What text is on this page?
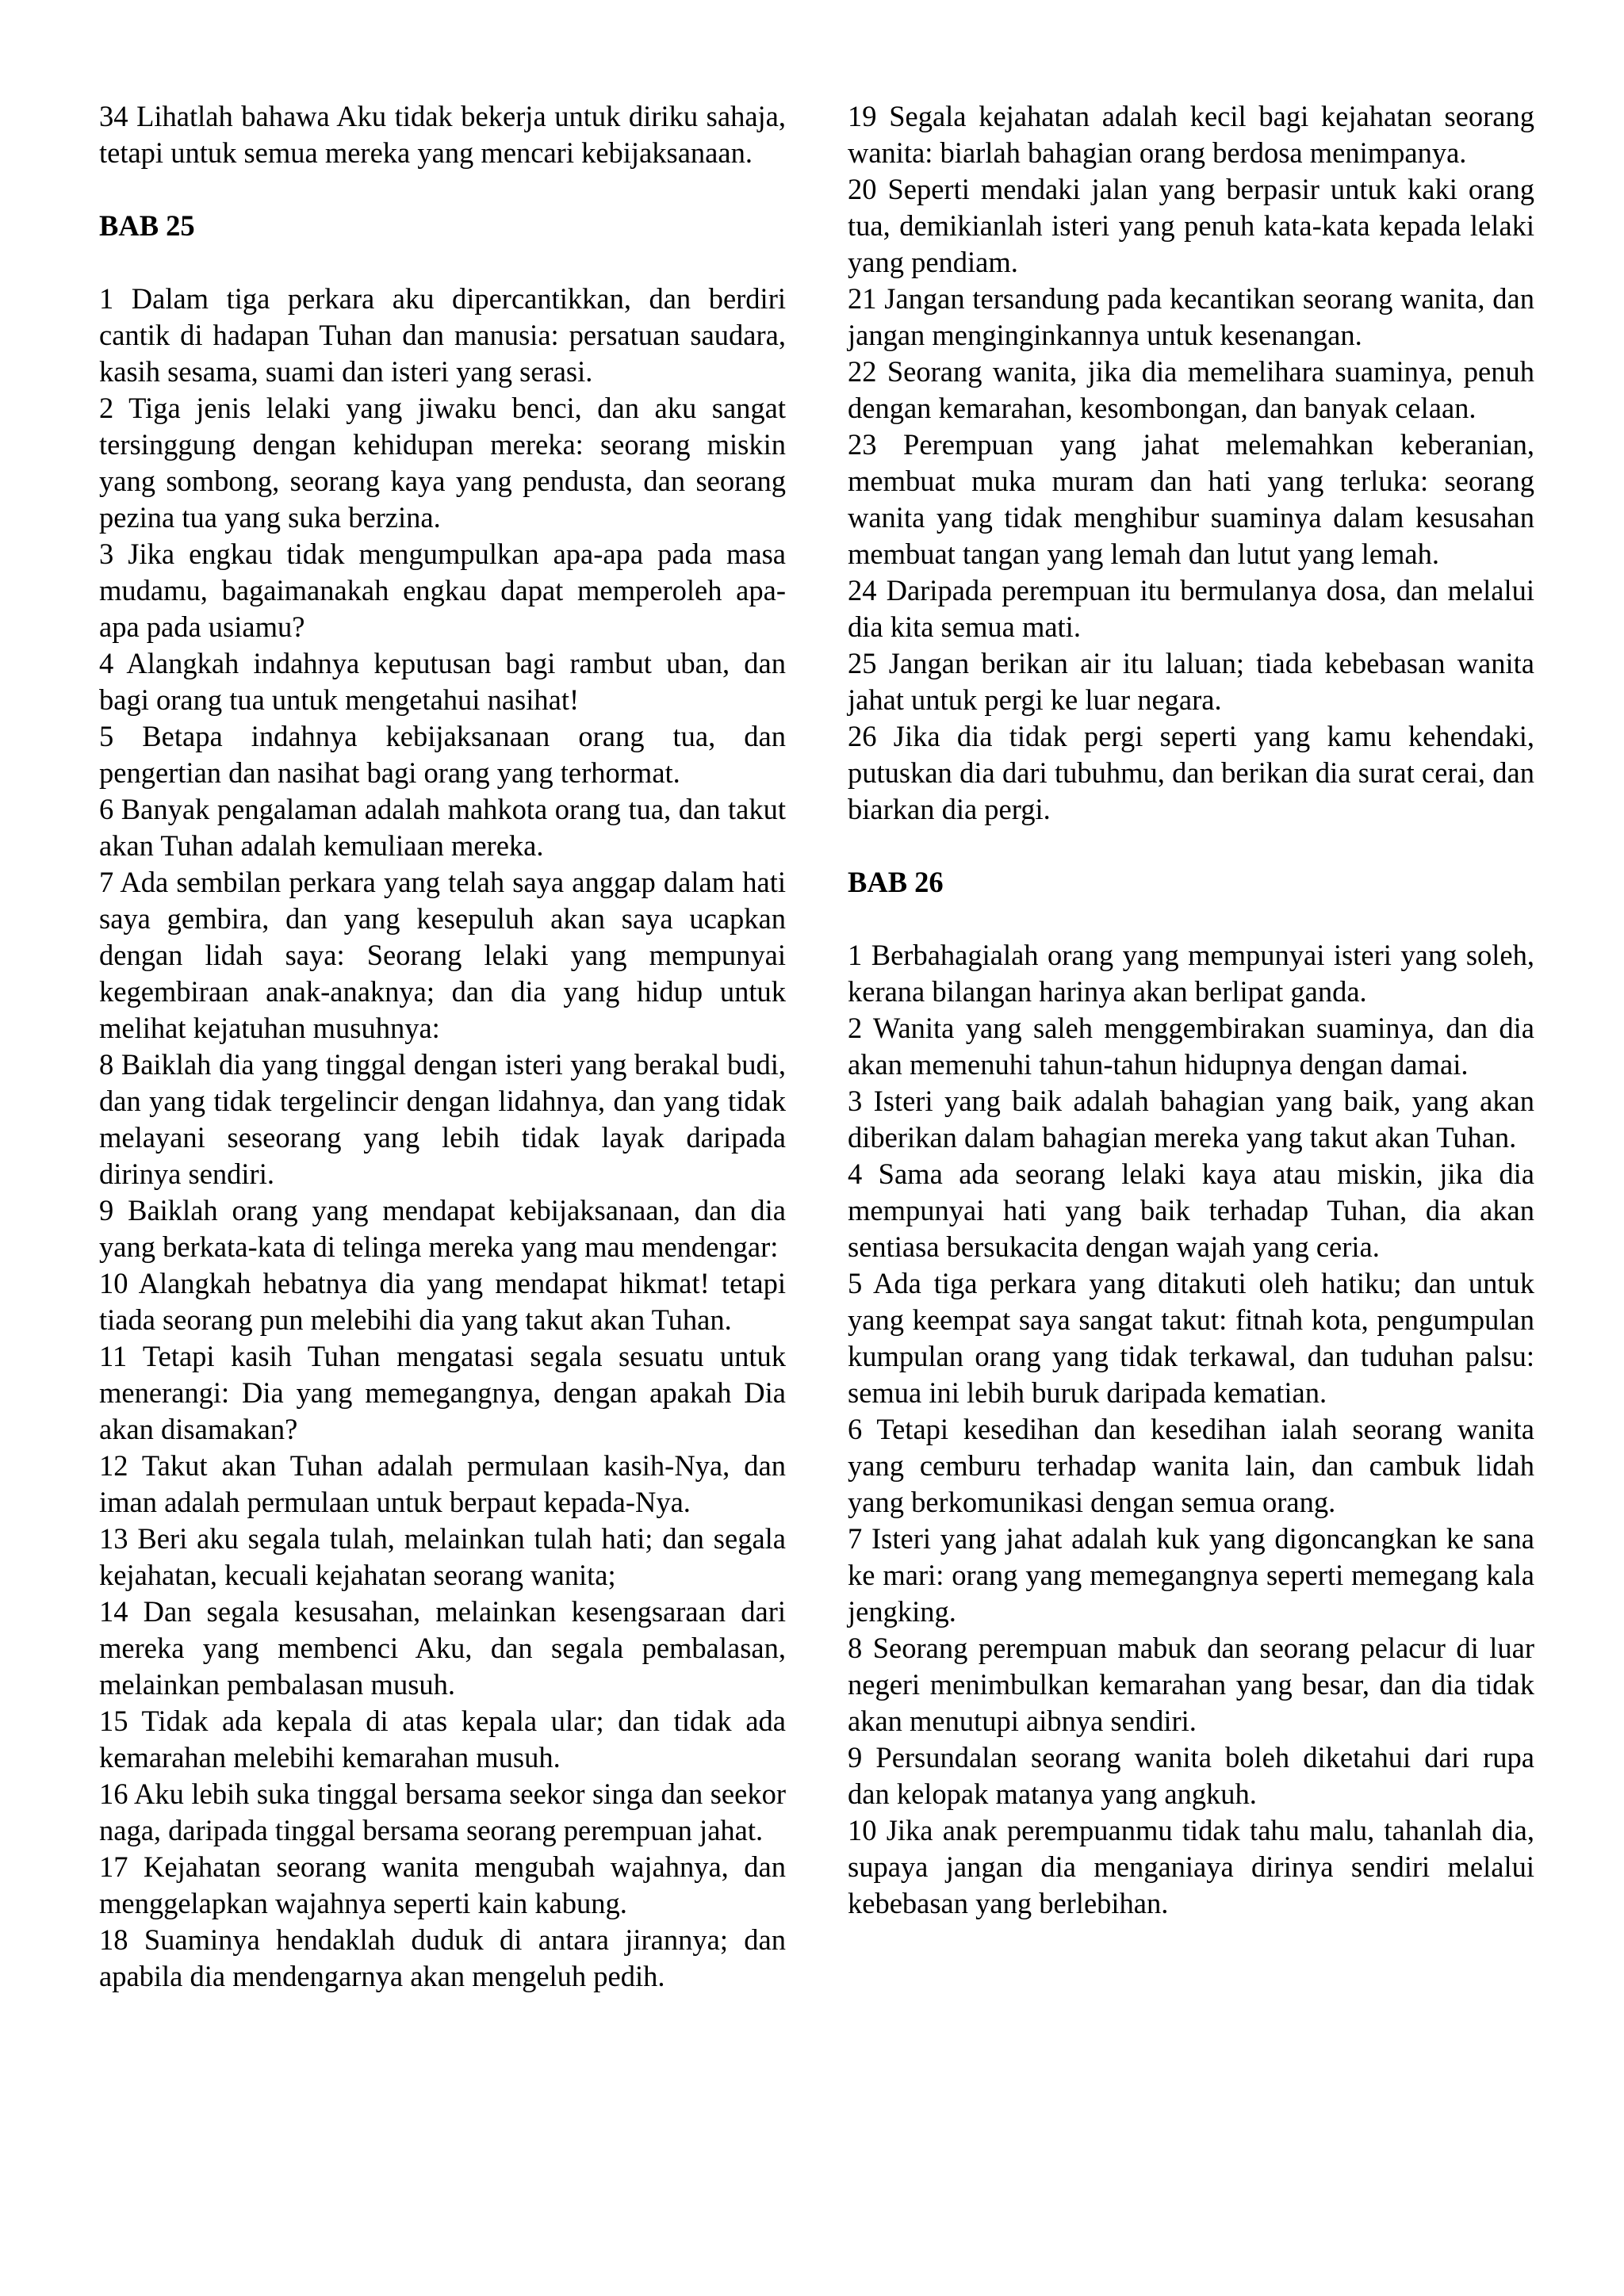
34 Lihatlah bahawa Aku tidak bekerja untuk diriku sahaja, tetapi untuk semua mereka yang mencari kebijaksanaan.

BAB 25

1 Dalam tiga perkara aku dipercantikkan, dan berdiri cantik di hadapan Tuhan dan manusia: persatuan saudara, kasih sesama, suami dan isteri yang serasi.

2 Tiga jenis lelaki yang jiwaku benci, dan aku sangat tersinggung dengan kehidupan mereka: seorang miskin yang sombong, seorang kaya yang pendusta, dan seorang pezina tua yang suka berzina.

3 Jika engkau tidak mengumpulkan apa-apa pada masa mudamu, bagaimanakah engkau dapat memperoleh apa-apa pada usiamu?

4 Alangkah indahnya keputusan bagi rambut uban, dan bagi orang tua untuk mengetahui nasihat!

5 Betapa indahnya kebijaksanaan orang tua, dan pengertian dan nasihat bagi orang yang terhormat.

6 Banyak pengalaman adalah mahkota orang tua, dan takut akan Tuhan adalah kemuliaan mereka.

7 Ada sembilan perkara yang telah saya anggap dalam hati saya gembira, dan yang kesepuluh akan saya ucapkan dengan lidah saya: Seorang lelaki yang mempunyai kegembiraan anak-anaknya; dan dia yang hidup untuk melihat kejatuhan musuhnya:

8 Baiklah dia yang tinggal dengan isteri yang berakal budi, dan yang tidak tergelincir dengan lidahnya, dan yang tidak melayani seseorang yang lebih tidak layak daripada dirinya sendiri.

9 Baiklah orang yang mendapat kebijaksanaan, dan dia yang berkata-kata di telinga mereka yang mau mendengar:

10 Alangkah hebatnya dia yang mendapat hikmat! tetapi tiada seorang pun melebihi dia yang takut akan Tuhan.

11 Tetapi kasih Tuhan mengatasi segala sesuatu untuk menerangi: Dia yang memegangnya, dengan apakah Dia akan disamakan?

12 Takut akan Tuhan adalah permulaan kasih-Nya, dan iman adalah permulaan untuk berpaut kepada-Nya.

13 Beri aku segala tulah, melainkan tulah hati; dan segala kejahatan, kecuali kejahatan seorang wanita;

14 Dan segala kesusahan, melainkan kesengsaraan dari mereka yang membenci Aku, dan segala pembalasan, melainkan pembalasan musuh.

15 Tidak ada kepala di atas kepala ular; dan tidak ada kemarahan melebihi kemarahan musuh.

16 Aku lebih suka tinggal bersama seekor singa dan seekor naga, daripada tinggal bersama seorang perempuan jahat.

17 Kejahatan seorang wanita mengubah wajahnya, dan menggelapkan wajahnya seperti kain kabung.

18 Suaminya hendaklah duduk di antara jirannya; dan apabila dia mendengarnya akan mengeluh pedih.

19 Segala kejahatan adalah kecil bagi kejahatan seorang wanita: biarlah bahagian orang berdosa menimpanya.

20 Seperti mendaki jalan yang berpasir untuk kaki orang tua, demikianlah isteri yang penuh kata-kata kepada lelaki yang pendiam.

21 Jangan tersandung pada kecantikan seorang wanita, dan jangan menginginkannya untuk kesenangan.

22 Seorang wanita, jika dia memelihara suaminya, penuh dengan kemarahan, kesombongan, dan banyak celaan.

23 Perempuan yang jahat melemahkan keberanian, membuat muka muram dan hati yang terluka: seorang wanita yang tidak menghibur suaminya dalam kesusahan membuat tangan yang lemah dan lutut yang lemah.

24 Daripada perempuan itu bermulanya dosa, dan melalui dia kita semua mati.

25 Jangan berikan air itu laluan; tiada kebebasan wanita jahat untuk pergi ke luar negara.

26 Jika dia tidak pergi seperti yang kamu kehendaki, putuskan dia dari tubuhmu, dan berikan dia surat cerai, dan biarkan dia pergi.

BAB 26

1 Berbahagialah orang yang mempunyai isteri yang soleh, kerana bilangan harinya akan berlipat ganda.

2 Wanita yang saleh menggembirakan suaminya, dan dia akan memenuhi tahun-tahun hidupnya dengan damai.

3 Isteri yang baik adalah bahagian yang baik, yang akan diberikan dalam bahagian mereka yang takut akan Tuhan.

4 Sama ada seorang lelaki kaya atau miskin, jika dia mempunyai hati yang baik terhadap Tuhan, dia akan sentiasa bersukacita dengan wajah yang ceria.

5 Ada tiga perkara yang ditakuti oleh hatiku; dan untuk yang keempat saya sangat takut: fitnah kota, pengumpulan kumpulan orang yang tidak terkawal, dan tuduhan palsu: semua ini lebih buruk daripada kematian.

6 Tetapi kesedihan dan kesedihan ialah seorang wanita yang cemburu terhadap wanita lain, dan cambuk lidah yang berkomunikasi dengan semua orang.

7 Isteri yang jahat adalah kuk yang digoncangkan ke sana ke mari: orang yang memegangnya seperti memegang kala jengking.

8 Seorang perempuan mabuk dan seorang pelacur di luar negeri menimbulkan kemarahan yang besar, dan dia tidak akan menutupi aibnya sendiri.

9 Persundalan seorang wanita boleh diketahui dari rupa dan kelopak matanya yang angkuh.

10 Jika anak perempuanmu tidak tahu malu, tahanlah dia, supaya jangan dia menganiaya dirinya sendiri melalui kebebasan yang berlebihan.
